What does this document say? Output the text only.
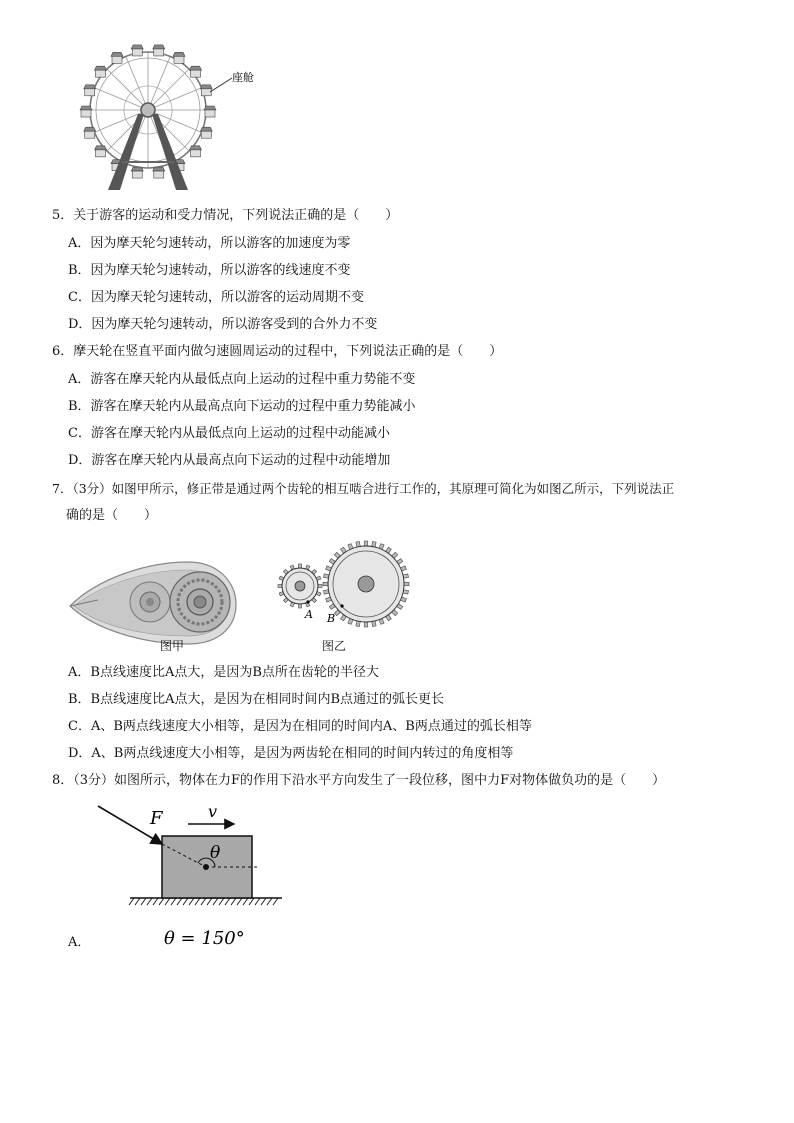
座舱
5．关于游客的运动和受力情况，下列说法正确的是（　　）
A．因为摩天轮匀速转动，所以游客的加速度为零
B．因为摩天轮匀速转动，所以游客的线速度不变
C．因为摩天轮匀速转动，所以游客的运动周期不变
D．因为摩天轮匀速转动，所以游客受到的合外力不变
6．摩天轮在竖直平面内做匀速圆周运动的过程中，下列说法正确的是（　　）
A．游客在摩天轮内从最低点向上运动的过程中重力势能不变
B．游客在摩天轮内从最高点向下运动的过程中重力势能减小
C．游客在摩天轮内从最低点向上运动的过程中动能减小
D．游客在摩天轮内从最高点向下运动的过程中动能增加
7．（3分）如图甲所示，修正带是通过两个齿轮的相互啮合进行工作的，其原理可简化为如图乙所示，下列说法正
确的是（　　）
图甲
A B
图乙
A．B点线速度比A点大，是因为B点所在齿轮的半径大
B．B点线速度比A点大，是因为在相同时间内B点通过的弧长更长
C．A、B两点线速度大小相等，是因为在相同的时间内A、B两点通过的弧长相等
D．A、B两点线速度大小相等，是因为两齿轮在相同的时间内转过的角度相等
8．（3分）如图所示，物体在力F的作用下沿水平方向发生了一段位移，图中力F对物体做负功的是（　　）
F	v
θ
θ = 150°
A．
